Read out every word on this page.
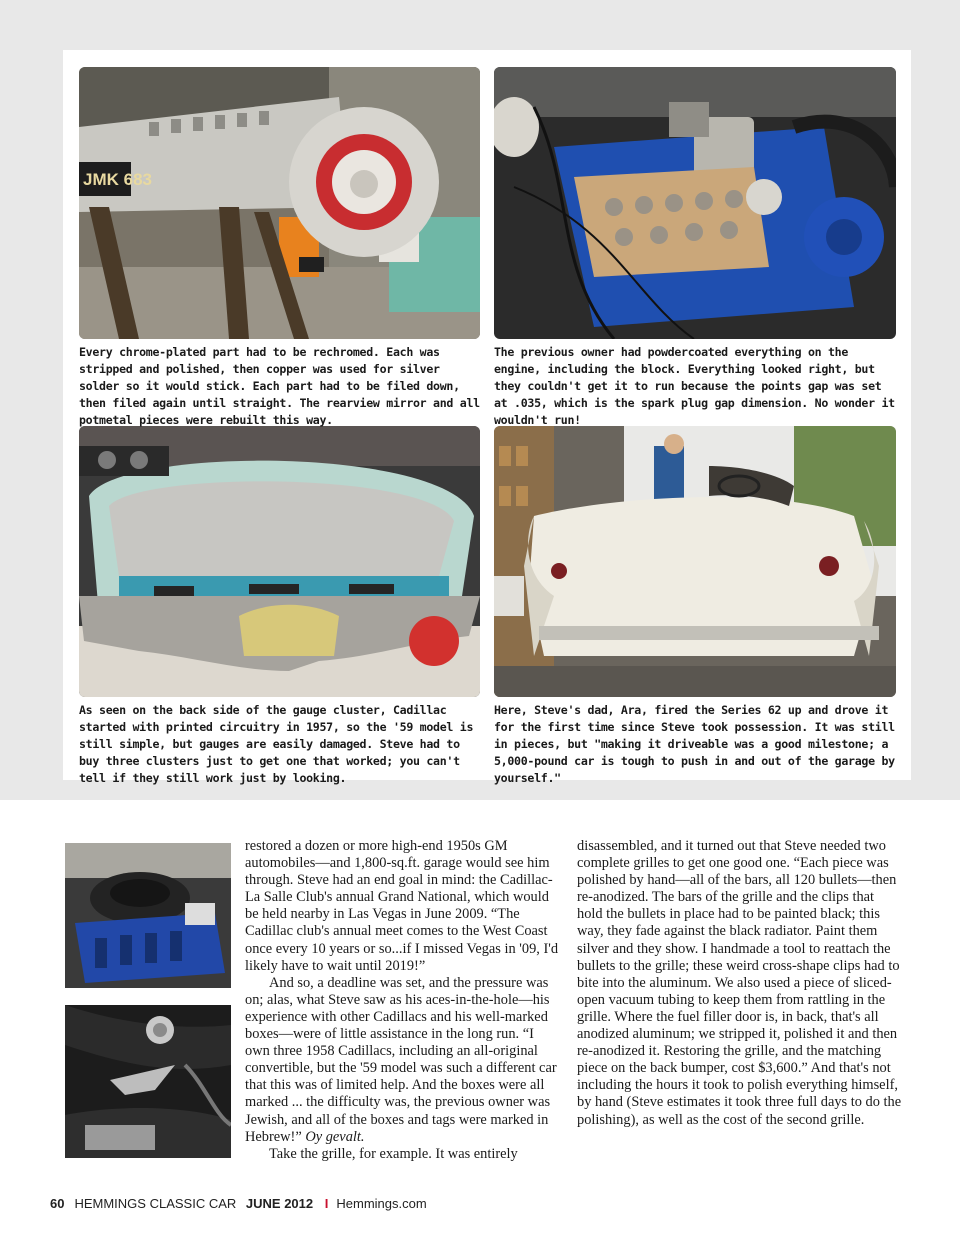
JMK 683
Every chrome-plated part had to be rechromed. Each was stripped and polished, then copper was used for silver solder so it would stick. Each part had to be filed down, then filed again until straight. The rearview mirror and all potmetal pieces were rebuilt this way.
The previous owner had powdercoated everything on the engine, including the block. Everything looked right, but they couldn't get it to run because the points gap was set at .035, which is the spark plug gap dimension. No wonder it wouldn't run!
As seen on the back side of the gauge cluster, Cadillac started with printed circuitry in 1957, so the '59 model is still simple, but gauges are easily damaged. Steve had to buy three clusters just to get one that worked; you can't tell if they still work just by looking.
Here, Steve's dad, Ara, fired the Series 62 up and drove it for the first time since Steve took possession. It was still in pieces, but "making it driveable was a good milestone; a 5,000-pound car is tough to push in and out of the garage by yourself."

restored a dozen or more high-end 1950s GM automobiles—and 1,800-sq.ft. garage would see him through. Steve had an end goal in mind: the Cadillac-La Salle Club's annual Grand National, which would be held nearby in Las Vegas in June 2009. “The Cadillac club's annual meet comes to the West Coast once every 10 years or so...if I missed Vegas in '09, I'd likely have to wait until 2019!”

And so, a deadline was set, and the pressure was on; alas, what Steve saw as his aces-in-the-hole—his experience with other Cadillacs and his well-marked boxes—were of little assistance in the long run. “I own three 1958 Cadillacs, including an all-original convertible, but the '59 model was such a different car that this was of limited help. And the boxes were all marked ... the difficulty was, the previous owner was Jewish, and all of the boxes and tags were marked in Hebrew!” Oy gevalt.

Take the grille, for example. It was entirely

disassembled, and it turned out that Steve needed two complete grilles to get one good one. “Each piece was polished by hand—all of the bars, all 120 bullets—then re-anodized. The bars of the grille and the clips that hold the bullets in place had to be painted black; this way, they fade against the black radiator. Paint them silver and they show. I handmade a tool to reattach the bullets to the grille; these weird cross-shape clips had to bite into the aluminum. We also used a piece of sliced-open vacuum tubing to keep them from rattling in the grille. Where the fuel filler door is, in back, that's all anodized aluminum; we stripped it, polished it and then re-anodized it. Restoring the grille, and the matching piece on the back bumper, cost $3,600.” And that's not including the hours it took to polish everything himself, by hand (Steve estimates it took three full days to do the polishing), as well as the cost of the second grille.

60 HEMMINGS CLASSIC CAR JUNE 2012 I Hemmings.com
